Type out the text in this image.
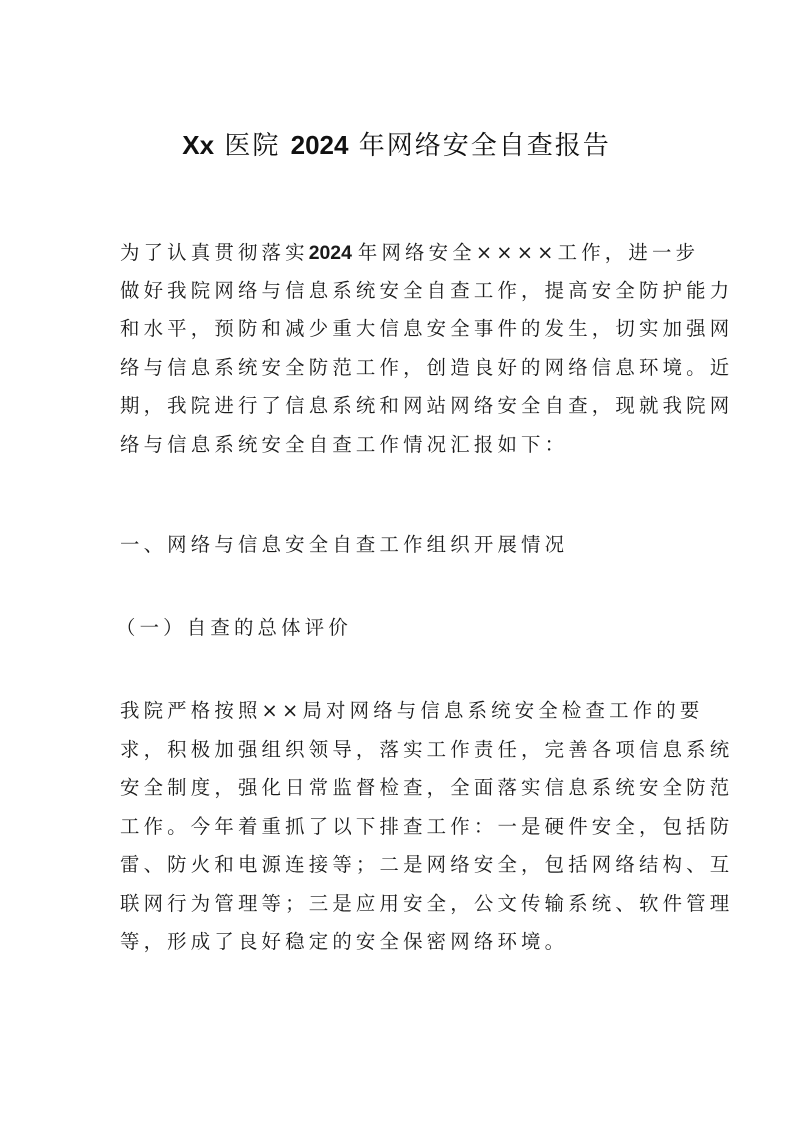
Xx 医院 2024 年网络安全自查报告
为了认真贯彻落实2024 年网络安全××××工作，进一步
做好我院网络与信息系统安全自查工作，提高安全防护能力
和水平，预防和减少重大信息安全事件的发生，切实加强网
络与信息系统安全防范工作，创造良好的网络信息环境。近
期，我院进行了信息系统和网站网络安全自查，现就我院网
络与信息系统安全自查工作情况汇报如下：
一、网络与信息安全自查工作组织开展情况
（一）自查的总体评价
我院严格按照××局对网络与信息系统安全检查工作的要
求，积极加强组织领导，落实工作责任，完善各项信息系统
安全制度，强化日常监督检查，全面落实信息系统安全防范
工作。今年着重抓了以下排查工作：一是硬件安全，包括防
雷、防火和电源连接等；二是网络安全，包括网络结构、互
联网行为管理等；三是应用安全，公文传输系统、软件管理
等，形成了良好稳定的安全保密网络环境。
